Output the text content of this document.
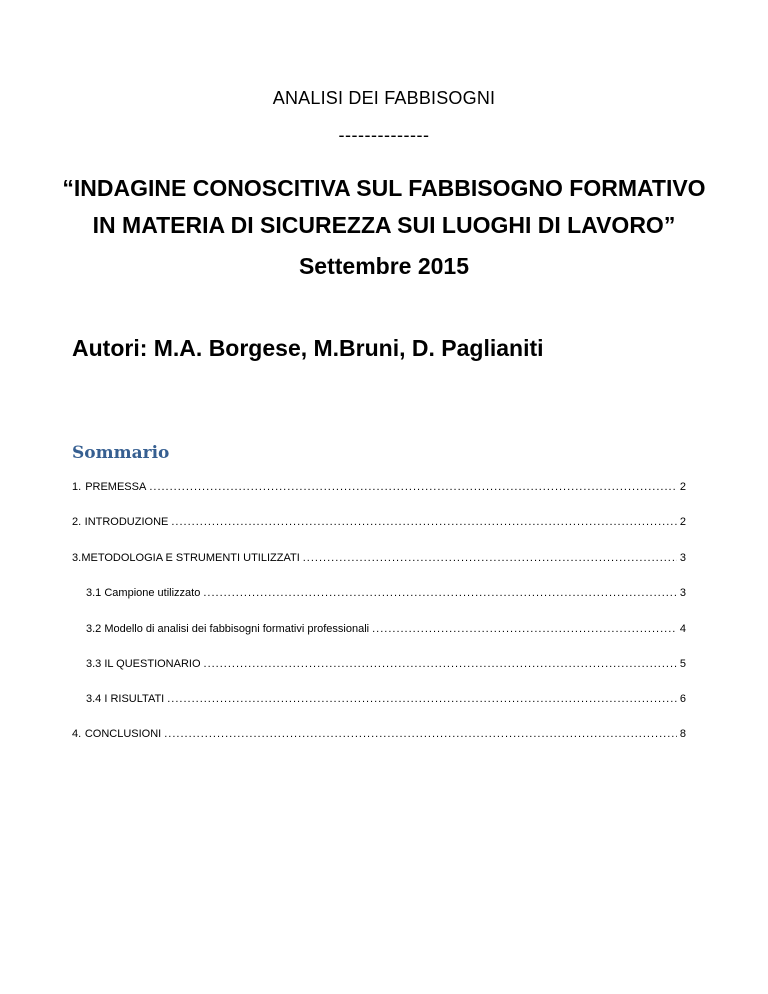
ANALISI DEI FABBISOGNI
--------------
“INDAGINE CONOSCITIVA SUL FABBISOGNO FORMATIVO
IN MATERIA DI SICUREZZA SUI LUOGHI DI LAVORO”
Settembre 2015
Autori: M.A. Borgese, M.Bruni, D. Paglianiti
Sommario
1. PREMESSA .....	2
2. INTRODUZIONE .....	2
3. METODOLOGIA E STRUMENTI UTILIZZATI .....	3
3.1 Campione utilizzato .....	3
3.2 Modello di analisi dei fabbisogni formativi professionali .....	4
3.3 IL QUESTIONARIO .....	5
3.4 I RISULTATI .....	6
4. CONCLUSIONI .....	8
